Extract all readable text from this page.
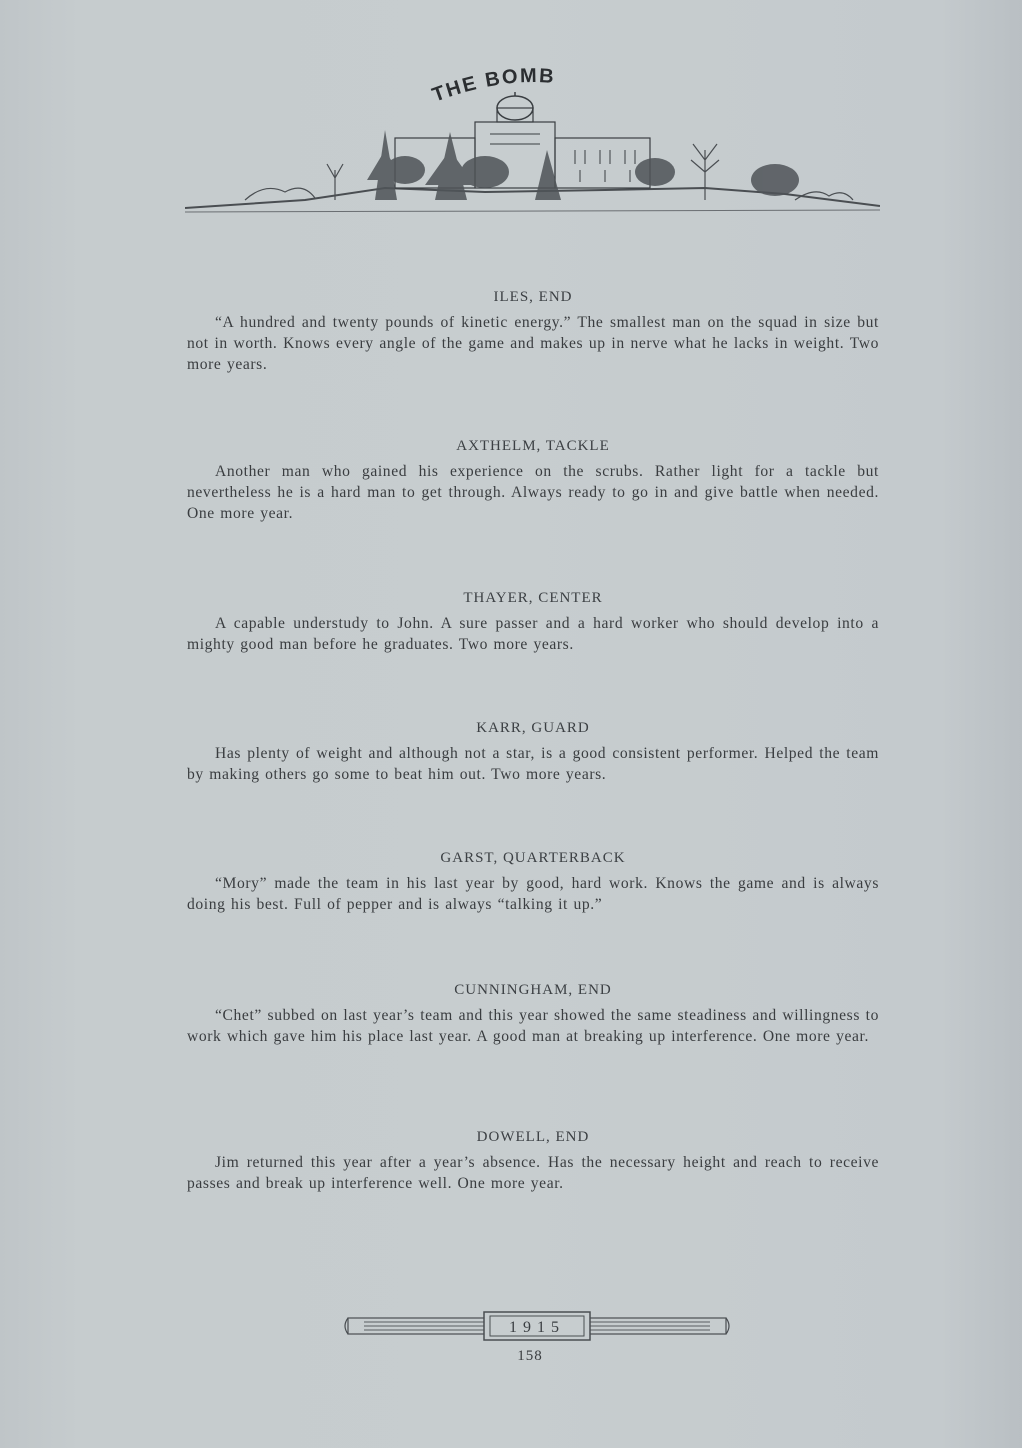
THE BOMB
ILES, END

“A hundred and twenty pounds of kinetic energy.” The smallest man on the squad in size but not in worth. Knows every angle of the game and makes up in nerve what he lacks in weight. Two more years.

AXTHELM, TACKLE

Another man who gained his experience on the scrubs. Rather light for a tackle but nevertheless he is a hard man to get through. Always ready to go in and give battle when needed. One more year.

THAYER, CENTER

A capable understudy to John. A sure passer and a hard worker who should develop into a mighty good man before he graduates. Two more years.

KARR, GUARD

Has plenty of weight and although not a star, is a good consistent performer. Helped the team by making others go some to beat him out. Two more years.

GARST, QUARTERBACK

“Mory” made the team in his last year by good, hard work. Knows the game and is always doing his best. Full of pepper and is always “talking it up.”

CUNNINGHAM, END

“Chet” subbed on last year’s team and this year showed the same steadiness and willingness to work which gave him his place last year. A good man at breaking up interference. One more year.

DOWELL, END

Jim returned this year after a year’s absence. Has the necessary height and reach to receive passes and break up interference well. One more year.

1915
158
